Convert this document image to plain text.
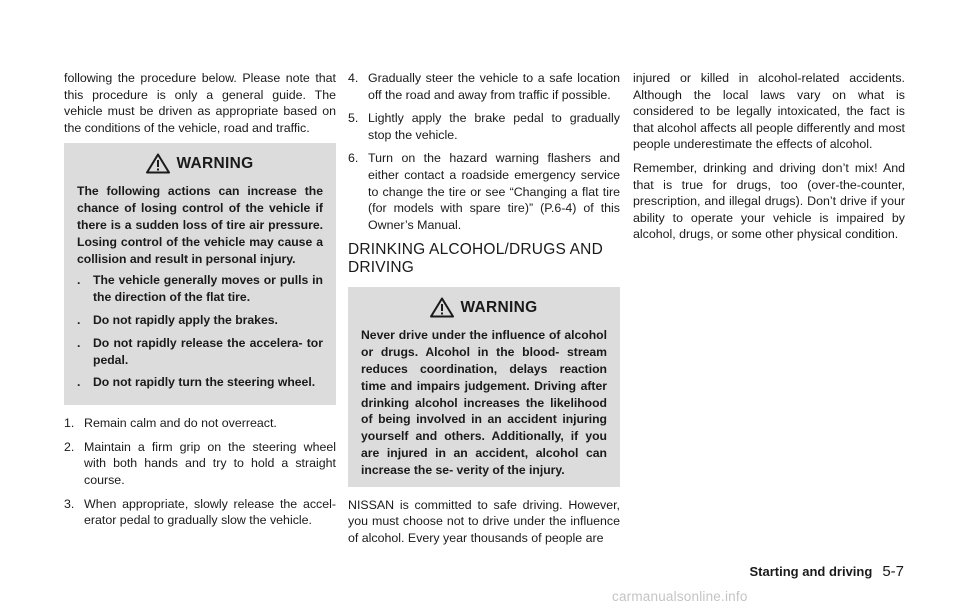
following the procedure below. Please note that this procedure is only a general guide. The vehicle must be driven as appropriate based on the conditions of the vehicle, road and traffic.

WARNING

The following actions can increase the chance of losing control of the vehicle if there is a sudden loss of tire air pressure. Losing control of the vehicle may cause a collision and result in personal injury.

.	The vehicle generally moves or pulls in the direction of the flat tire.
.	Do not rapidly apply the brakes.
.	Do not rapidly release the accelera- tor pedal.
.	Do not rapidly turn the steering wheel.
1. Remain calm and do not overreact.
2. Maintain a firm grip on the steering wheel with both hands and try to hold a straight course.
3. When appropriate, slowly release the accel- erator pedal to gradually slow the vehicle.
4. Gradually steer the vehicle to a safe location off the road and away from traffic if possible.
5. Lightly apply the brake pedal to gradually stop the vehicle.
6. Turn on the hazard warning flashers and either contact a roadside emergency service to change the tire or see “Changing a flat tire (for models with spare tire)” (P.6-4) of this Owner’s Manual.
DRINKING ALCOHOL/DRUGS AND DRIVING
WARNING

Never drive under the influence of alcohol or drugs. Alcohol in the blood- stream reduces coordination, delays reaction time and impairs judgement. Driving after drinking alcohol increases the likelihood of being involved in an accident injuring yourself and others. Additionally, if you are injured in an accident, alcohol can increase the se- verity of the injury.

NISSAN is committed to safe driving. However, you must choose not to drive under the influence of alcohol. Every year thousands of people are

injured or killed in alcohol-related accidents. Although the local laws vary on what is considered to be legally intoxicated, the fact is that alcohol affects all people differently and most people underestimate the effects of alcohol.

Remember, drinking and driving don’t mix! And that is true for drugs, too (over-the-counter, prescription, and illegal drugs). Don’t drive if your ability to operate your vehicle is impaired by alcohol, drugs, or some other physical condition.

Starting and driving 5-7
carmanualsonline.info
